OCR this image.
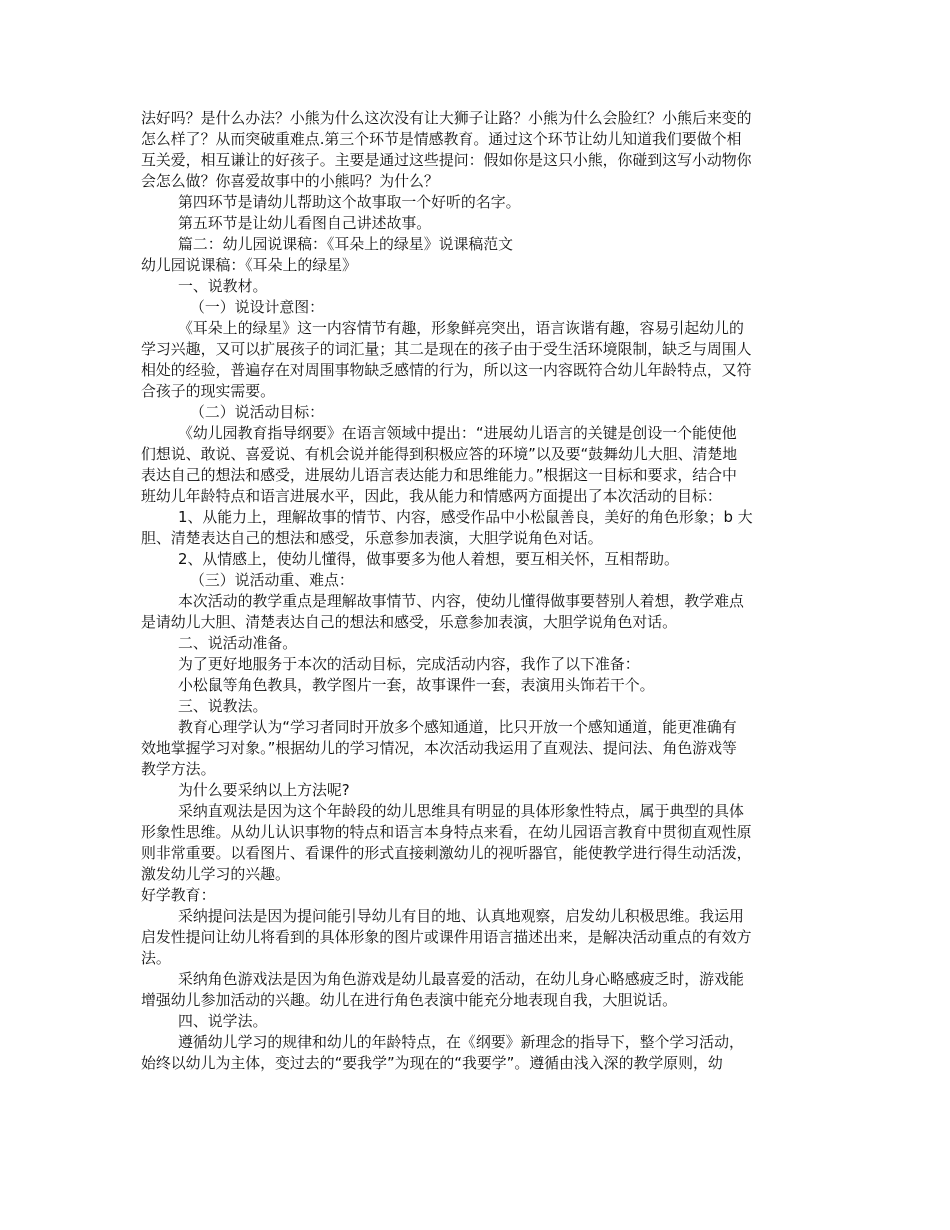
法好吗？是什么办法？小熊为什么这次没有让大狮子让路？小熊为什么会脸红？小熊后来变的
怎么样了？从而突破重难点.第三个环节是情感教育。通过这个环节让幼儿知道我们要做个相
互关爱，相互谦让的好孩子。主要是通过这些提问：假如你是这只小熊，你碰到这写小动物你
会怎么做？你喜爱故事中的小熊吗？为什么？
第四环节是请幼儿帮助这个故事取一个好听的名字。
第五环节是让幼儿看图自己讲述故事。
篇二：幼儿园说课稿：《耳朵上的绿星》说课稿范文
幼儿园说课稿：《耳朵上的绿星》
一、说教材。
（一）说设计意图：
《耳朵上的绿星》这一内容情节有趣，形象鲜亮突出，语言诙谐有趣，容易引起幼儿的
学习兴趣，又可以扩展孩子的词汇量；其二是现在的孩子由于受生活环境限制，缺乏与周围人
相处的经验，普遍存在对周围事物缺乏感情的行为，所以这一内容既符合幼儿年龄特点，又符
合孩子的现实需要。
（二）说活动目标：
《幼儿园教育指导纲要》在语言领域中提出：“进展幼儿语言的关键是创设一个能使他
们想说、敢说、喜爱说、有机会说并能得到积极应答的环境”以及要“鼓舞幼儿大胆、清楚地
表达自己的想法和感受，进展幼儿语言表达能力和思维能力。”根据这一目标和要求，结合中
班幼儿年龄特点和语言进展水平，因此，我从能力和情感两方面提出了本次活动的目标：
1、从能力上，理解故事的情节、内容，感受作品中小松鼠善良，美好的角色形象；b 大
胆、清楚表达自己的想法和感受，乐意参加表演，大胆学说角色对话。
2、从情感上，使幼儿懂得，做事要多为他人着想，要互相关怀，互相帮助。
（三）说活动重、难点：
本次活动的教学重点是理解故事情节、内容，使幼儿懂得做事要替别人着想，教学难点
是请幼儿大胆、清楚表达自己的想法和感受，乐意参加表演，大胆学说角色对话。
二、说活动准备。
为了更好地服务于本次的活动目标，完成活动内容，我作了以下准备：
小松鼠等角色教具，教学图片一套，故事课件一套，表演用头饰若干个。
三、说教法。
教育心理学认为“学习者同时开放多个感知通道，比只开放一个感知通道，能更准确有
效地掌握学习对象。”根据幼儿的学习情况，本次活动我运用了直观法、提问法、角色游戏等
教学方法。
为什么要采纳以上方法呢?
采纳直观法是因为这个年龄段的幼儿思维具有明显的具体形象性特点，属于典型的具体
形象性思维。从幼儿认识事物的特点和语言本身特点来看，在幼儿园语言教育中贯彻直观性原
则非常重要。以看图片、看课件的形式直接刺激幼儿的视听器官，能使教学进行得生动活泼，
激发幼儿学习的兴趣。
好学教育：
采纳提问法是因为提问能引导幼儿有目的地、认真地观察，启发幼儿积极思维。我运用
启发性提问让幼儿将看到的具体形象的图片或课件用语言描述出来，是解决活动重点的有效方
法。
采纳角色游戏法是因为角色游戏是幼儿最喜爱的活动，在幼儿身心略感疲乏时，游戏能
增强幼儿参加活动的兴趣。幼儿在进行角色表演中能充分地表现自我，大胆说话。
四、说学法。
遵循幼儿学习的规律和幼儿的年龄特点，在《纲要》新理念的指导下，整个学习活动，
始终以幼儿为主体，变过去的“要我学”为现在的“我要学”。遵循由浅入深的教学原则，幼
